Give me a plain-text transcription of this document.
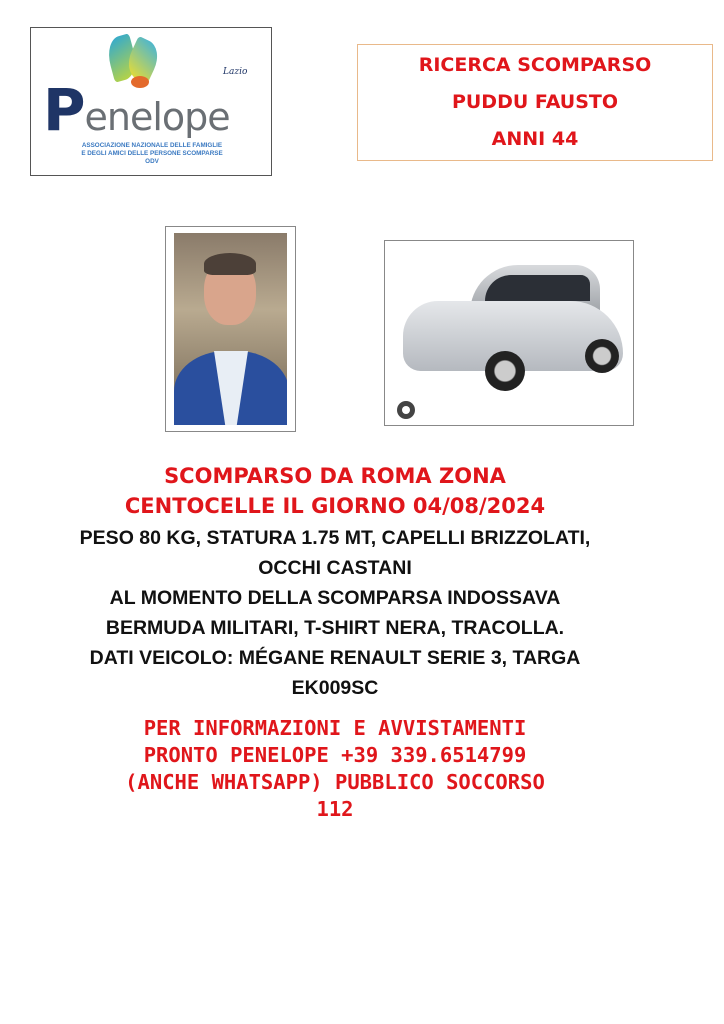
Lazio
Penelope
ASSOCIAZIONE NAZIONALE DELLE FAMIGLIE
E DEGLI AMICI DELLE PERSONE SCOMPARSE
ODV
RICERCA SCOMPARSO
PUDDU FAUSTO
ANNI 44
SCOMPARSO DA ROMA ZONA
CENTOCELLE IL GIORNO 04/08/2024
PESO 80 KG, STATURA 1.75 MT, CAPELLI BRIZZOLATI,
OCCHI CASTANI
AL MOMENTO DELLA SCOMPARSA INDOSSAVA
BERMUDA MILITARI, T-SHIRT NERA, TRACOLLA.
DATI VEICOLO: MÉGANE RENAULT SERIE 3, TARGA
EK009SC
PER INFORMAZIONI E AVVISTAMENTI
PRONTO PENELOPE +39 339.6514799
(ANCHE WHATSAPP) PUBBLICO SOCCORSO
112
